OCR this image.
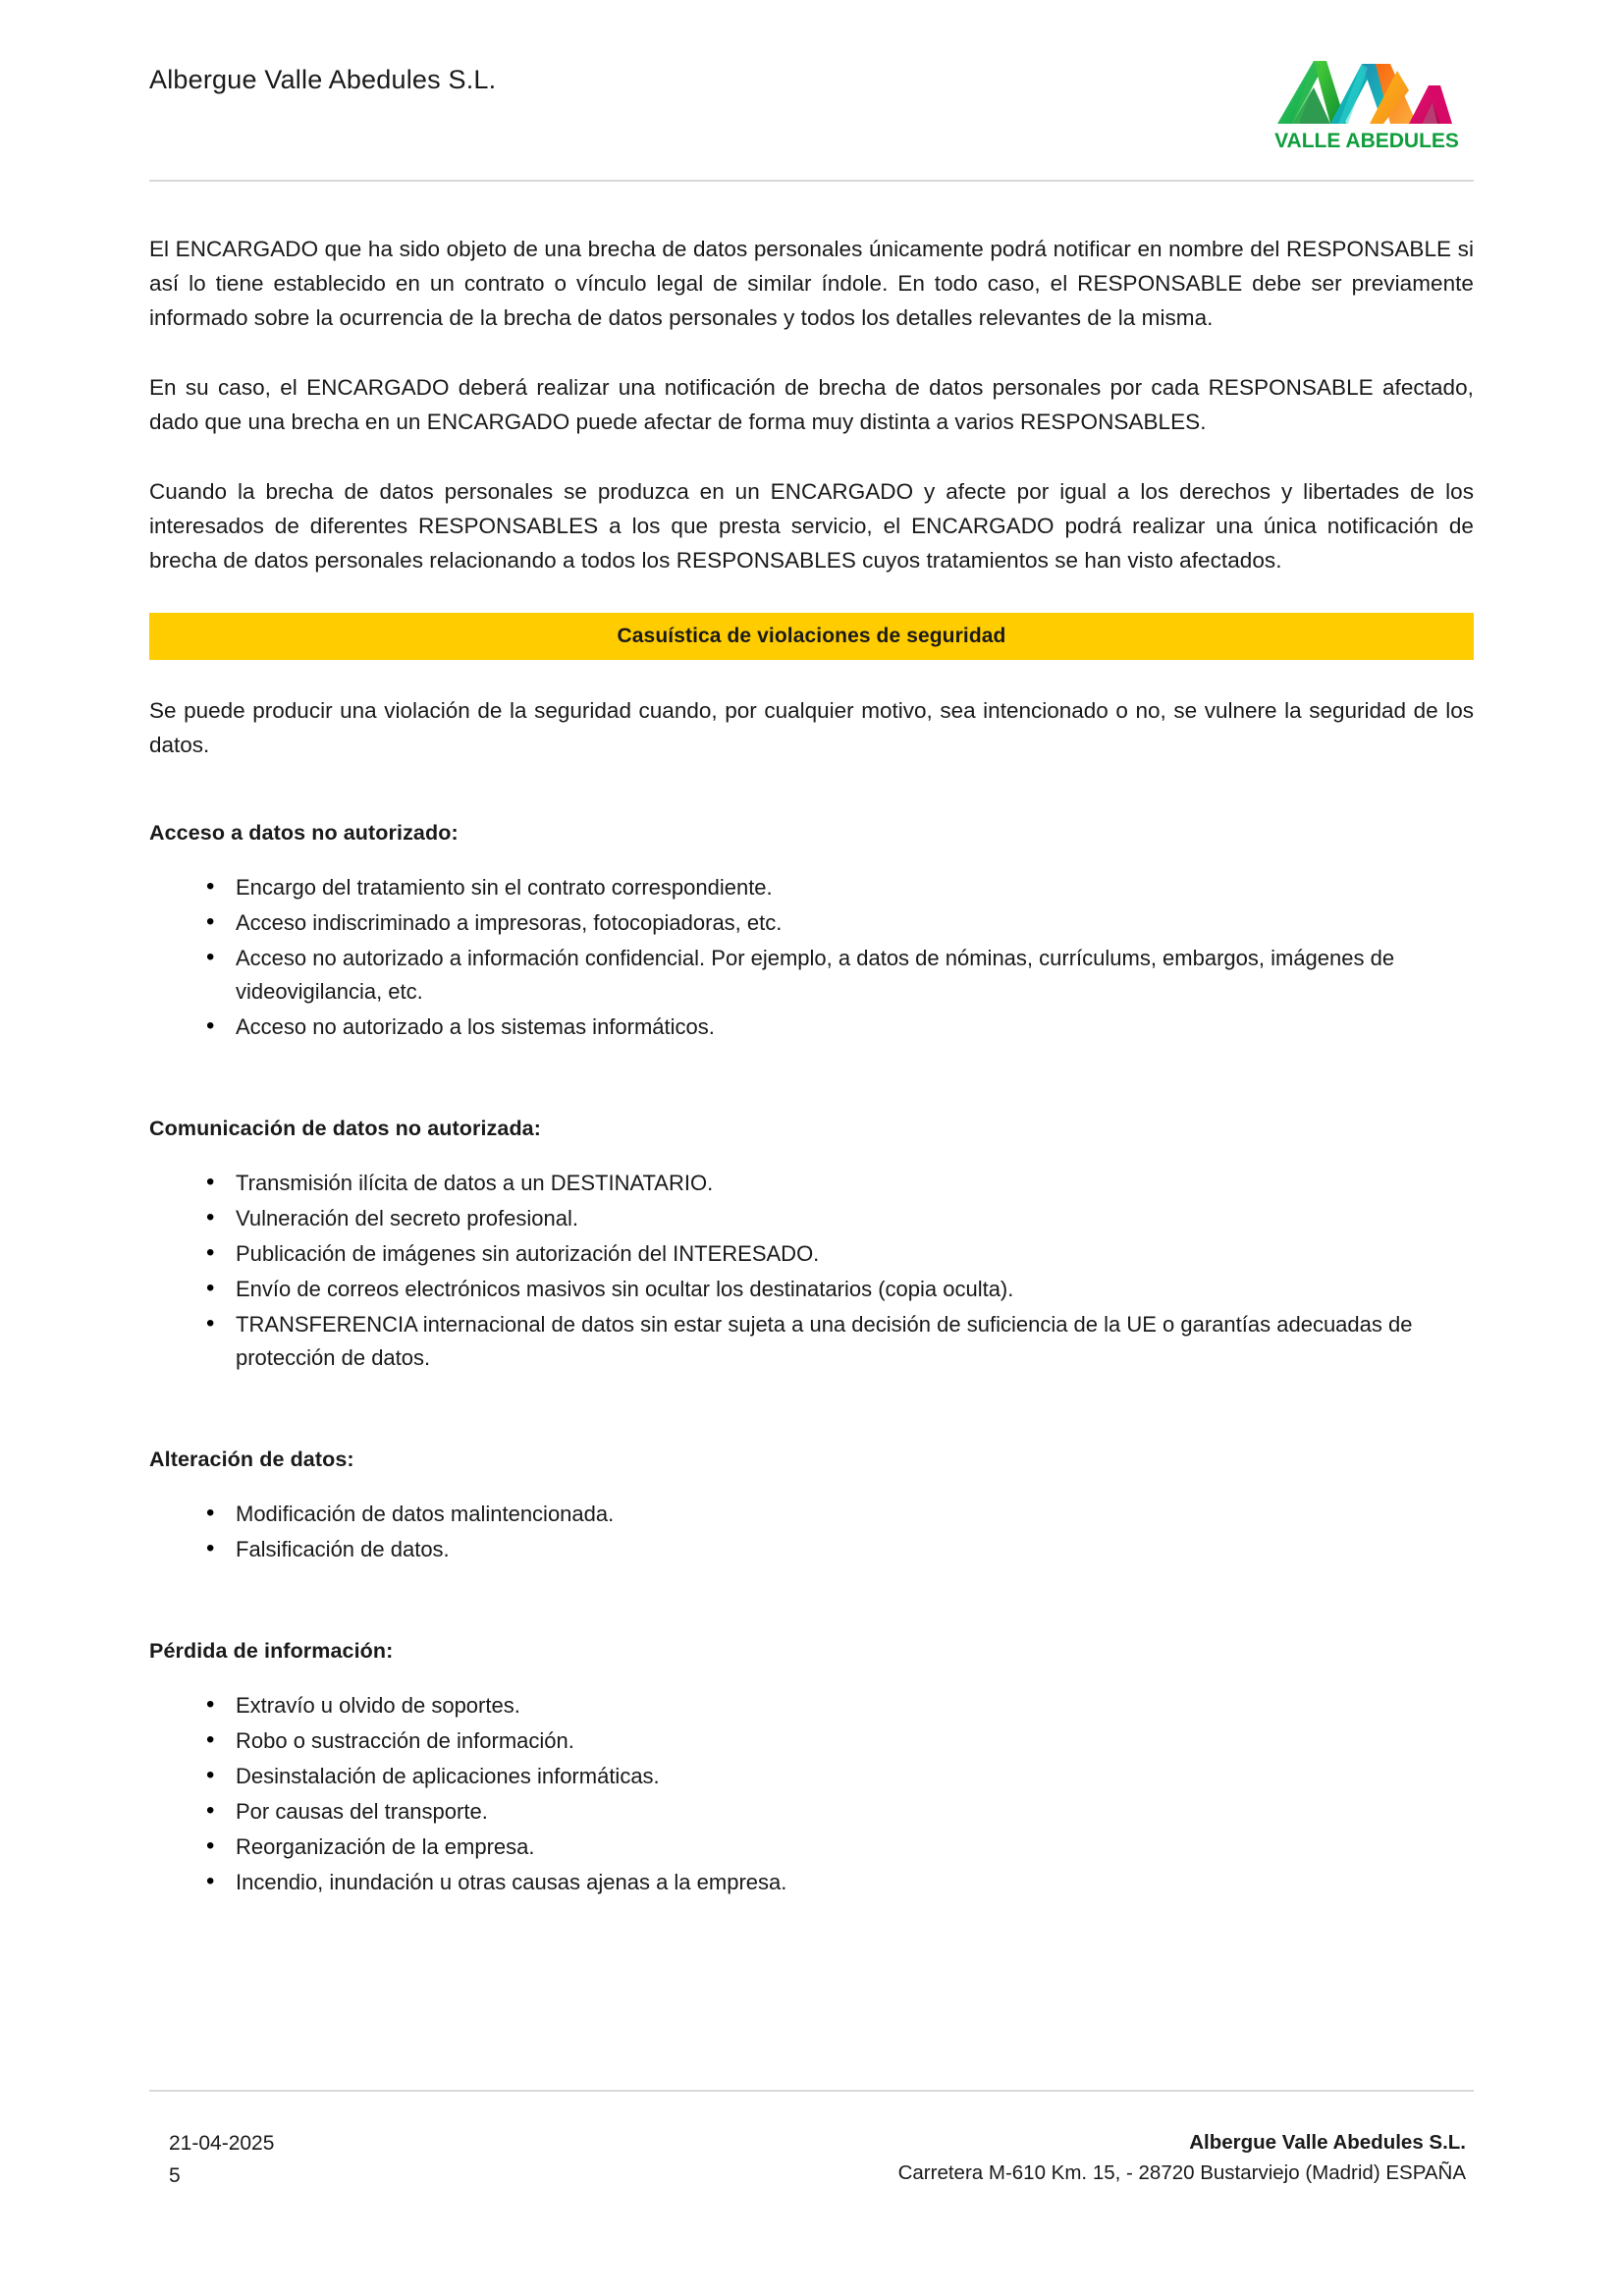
Albergue Valle Abedules S.L.
VALLE ABEDULES

El ENCARGADO que ha sido objeto de una brecha de datos personales únicamente podrá notificar en nombre del RESPONSABLE si así lo tiene establecido en un contrato o vínculo legal de similar índole. En todo caso, el RESPONSABLE debe ser previamente informado sobre la ocurrencia de la brecha de datos personales y todos los detalles relevantes de la misma.

En su caso, el ENCARGADO deberá realizar una notificación de brecha de datos personales por cada RESPONSABLE afectado, dado que una brecha en un ENCARGADO puede afectar de forma muy distinta a varios RESPONSABLES.

Cuando la brecha de datos personales se produzca en un ENCARGADO y afecte por igual a los derechos y libertades de los interesados de diferentes RESPONSABLES a los que presta servicio, el ENCARGADO podrá realizar una única notificación de brecha de datos personales relacionando a todos los RESPONSABLES cuyos tratamientos se han visto afectados.

Casuística de violaciones de seguridad

Se puede producir una violación de la seguridad cuando, por cualquier motivo, sea intencionado o no, se vulnere la seguridad de los datos.

Acceso a datos no autorizado:
• Encargo del tratamiento sin el contrato correspondiente.
• Acceso indiscriminado a impresoras, fotocopiadoras, etc.
• Acceso no autorizado a información confidencial. Por ejemplo, a datos de nóminas, currículums, embargos, imágenes de videovigilancia, etc.
• Acceso no autorizado a los sistemas informáticos.
Comunicación de datos no autorizada:
• Transmisión ilícita de datos a un DESTINATARIO.
• Vulneración del secreto profesional.
• Publicación de imágenes sin autorización del INTERESADO.
• Envío de correos electrónicos masivos sin ocultar los destinatarios (copia oculta).
• TRANSFERENCIA internacional de datos sin estar sujeta a una decisión de suficiencia de la UE o garantías adecuadas de protección de datos.
Alteración de datos:
• Modificación de datos malintencionada.
• Falsificación de datos.
Pérdida de información:
• Extravío u olvido de soportes.
• Robo o sustracción de información.
• Desinstalación de aplicaciones informáticas.
• Por causas del transporte.
• Reorganización de la empresa.
• Incendio, inundación u otras causas ajenas a la empresa.
21-04-2025
5
Albergue Valle Abedules S.L.
Carretera M-610 Km. 15, - 28720 Bustarviejo (Madrid) ESPAÑA
